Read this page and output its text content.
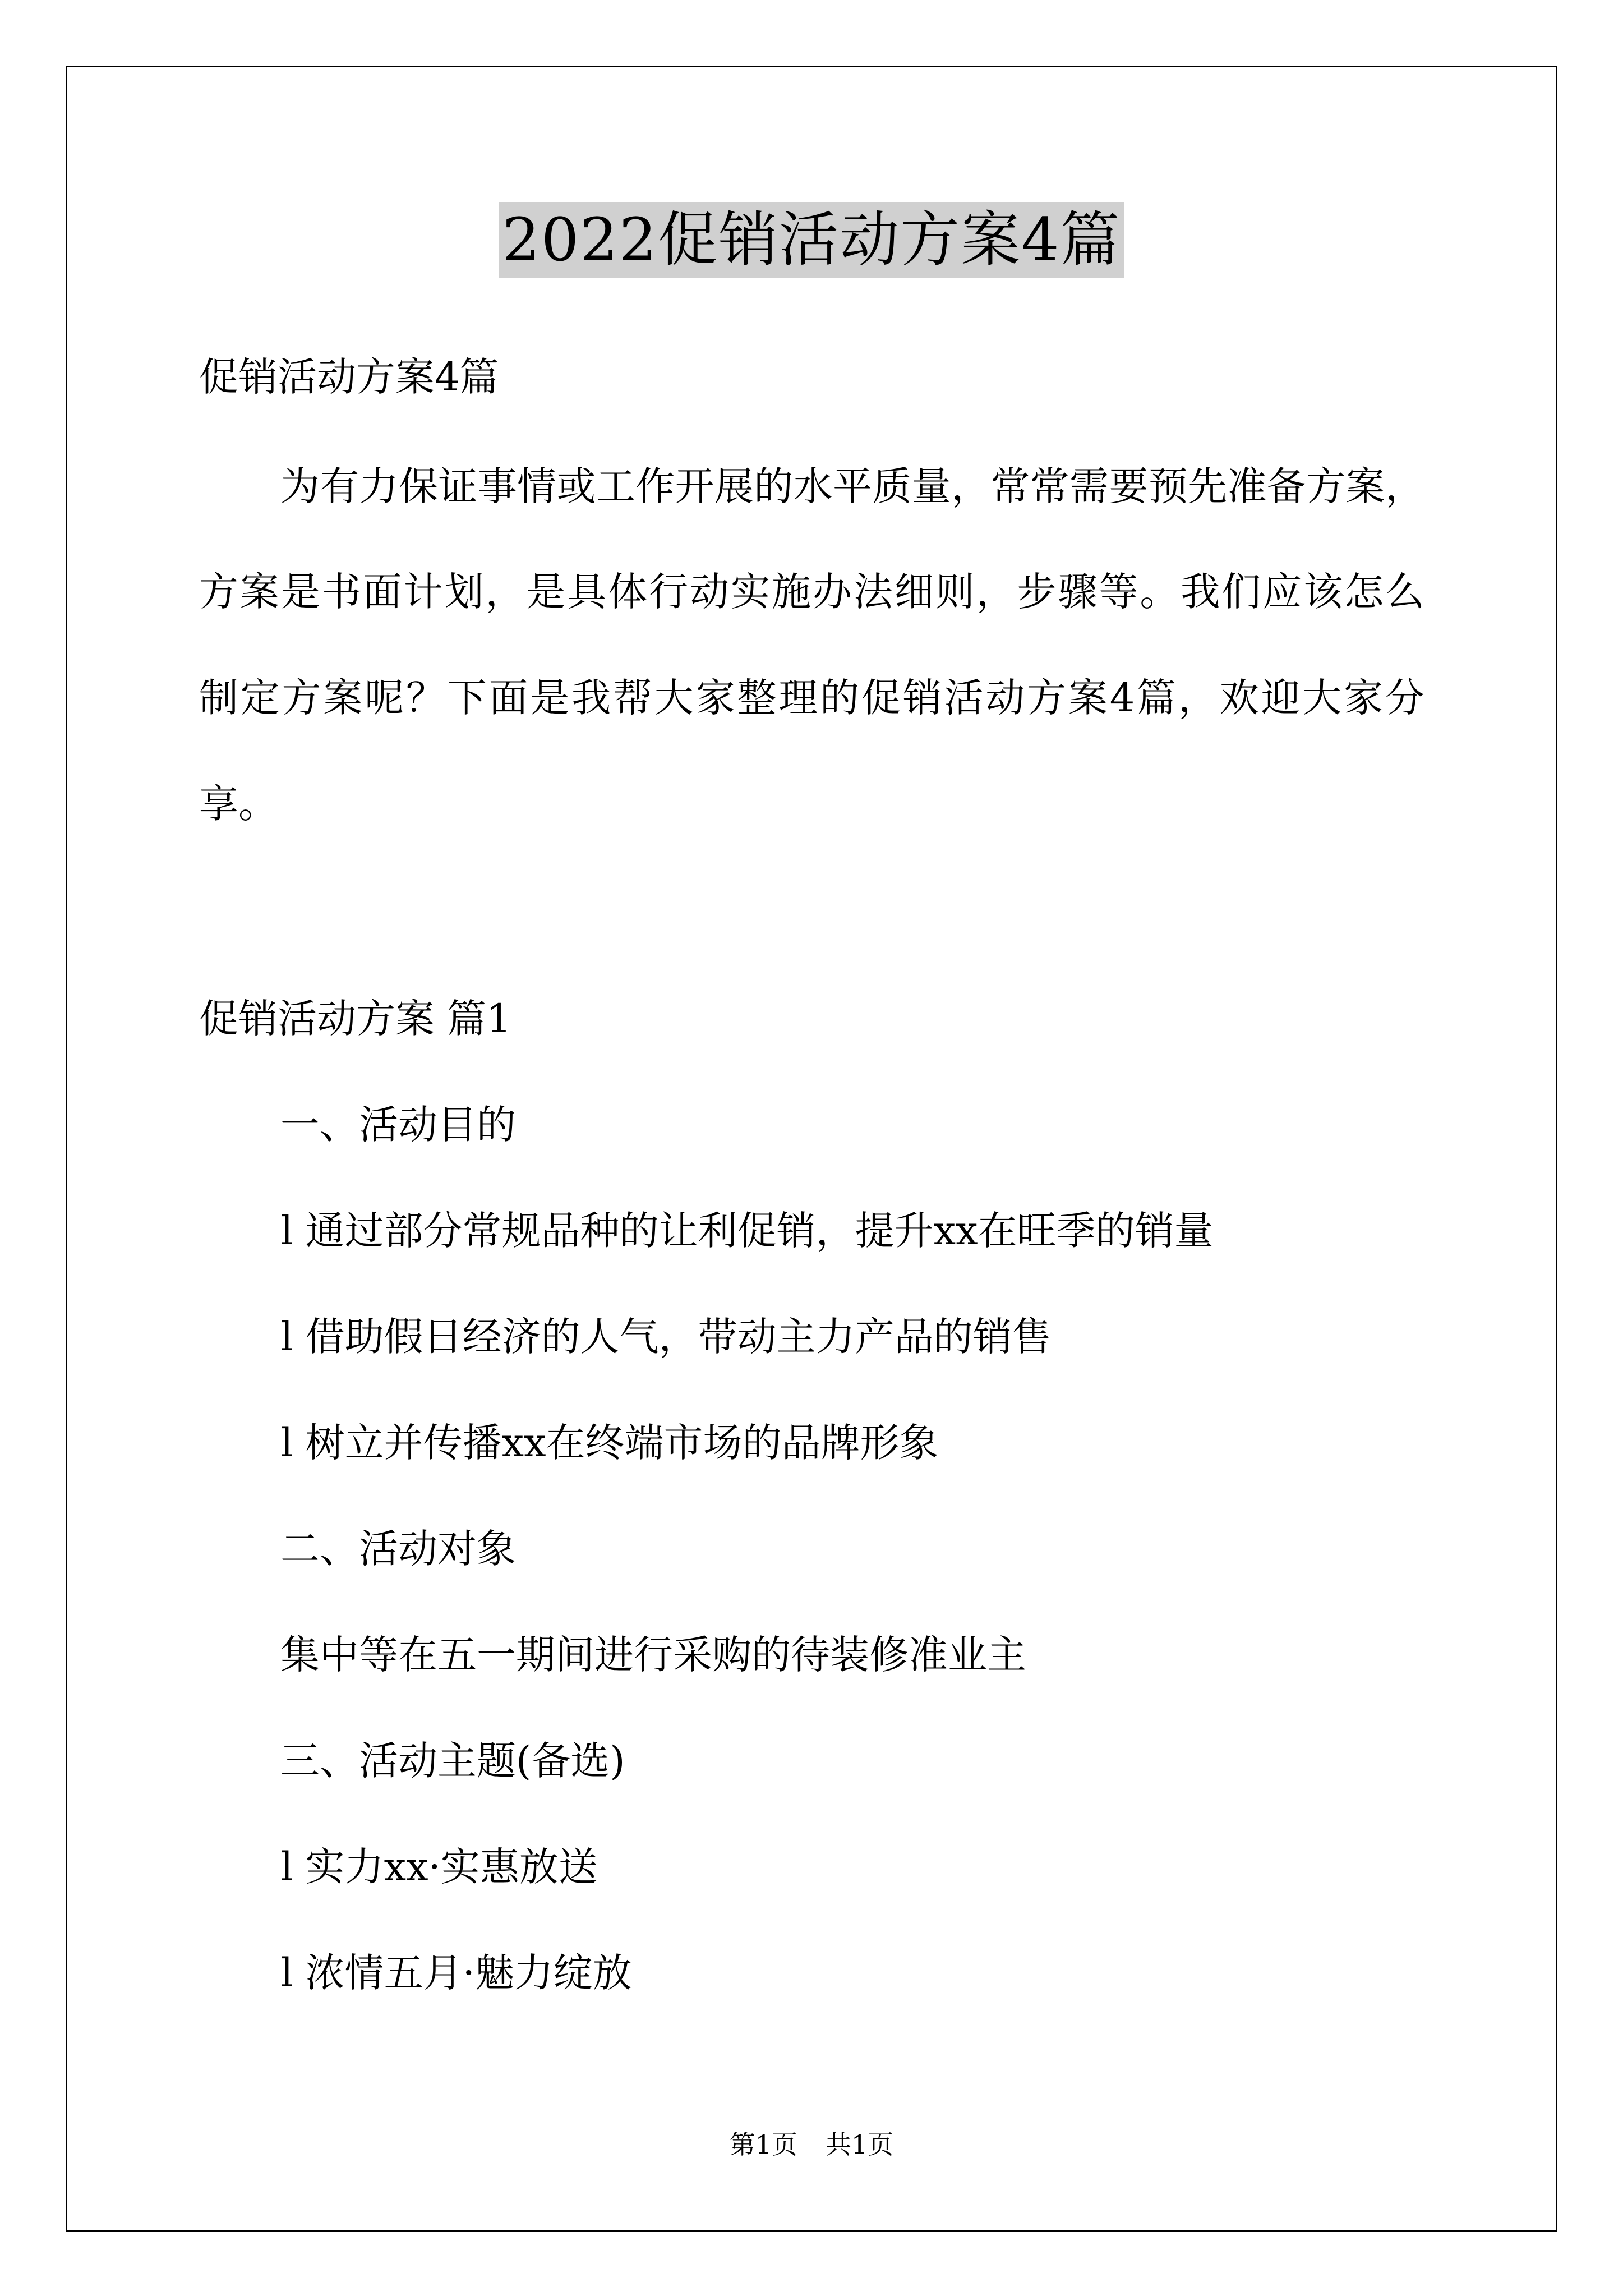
2022促销活动方案4篇
促销活动方案4篇
为有力保证事情或工作开展的水平质量，常常需要预先准备方案，
方案是书面计划，是具体行动实施办法细则，步骤等。我们应该怎么
制定方案呢？下面是我帮大家整理的促销活动方案4篇，欢迎大家分
享。
促销活动方案 篇1
一、活动目的
l 通过部分常规品种的让利促销，提升xx在旺季的销量
l 借助假日经济的人气，带动主力产品的销售
l 树立并传播xx在终端市场的品牌形象
二、活动对象
集中等在五一期间进行采购的待装修准业主
三、活动主题(备选)
l 实力xx·实惠放送
l 浓情五月·魅力绽放
第1页 共1页
